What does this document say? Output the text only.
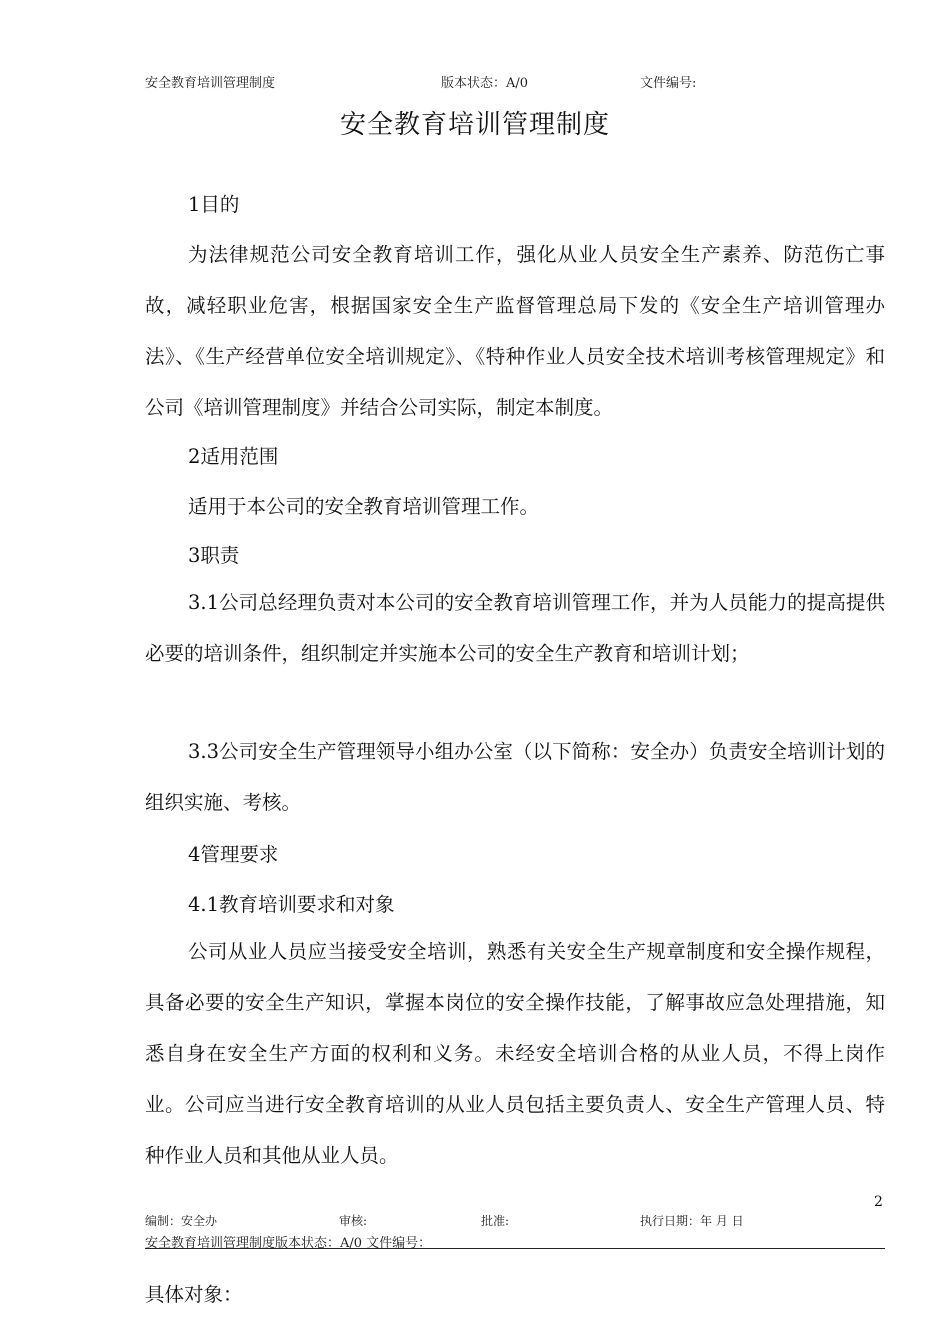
安全教育培训管理制度	版本状态：A/0	文件编号:
安全教育培训管理制度

1目的

为法律规范公司安全教育培训工作，强化从业人员安全生产素养、防范伤亡事故，减轻职业危害，根据国家安全生产监督管理总局下发的《安全生产培训管理办法》、《生产经营单位安全培训规定》、《特种作业人员安全技术培训考核管理规定》和公司《培训管理制度》并结合公司实际，制定本制度。

2适用范围

适用于本公司的安全教育培训管理工作。

3职责

3.1公司总经理负责对本公司的安全教育培训管理工作，并为人员能力的提高提供必要的培训条件，组织制定并实施本公司的安全生产教育和培训计划；

3.3公司安全生产管理领导小组办公室（以下简称：安全办）负责安全培训计划的组织实施、考核。

4管理要求

4.1教育培训要求和对象

公司从业人员应当接受安全培训，熟悉有关安全生产规章制度和安全操作规程，具备必要的安全生产知识，掌握本岗位的安全操作技能，了解事故应急处理措施，知悉自身在安全生产方面的权利和义务。未经安全培训合格的从业人员，不得上岗作业。公司应当进行安全教育培训的从业人员包括主要负责人、安全生产管理人员、特种作业人员和其他从业人员。

2
编制：安全办	审核:	批准:	执行日期：年 月 日
安全教育培训管理制度版本状态：A/0 文件编号：
具体对象：
